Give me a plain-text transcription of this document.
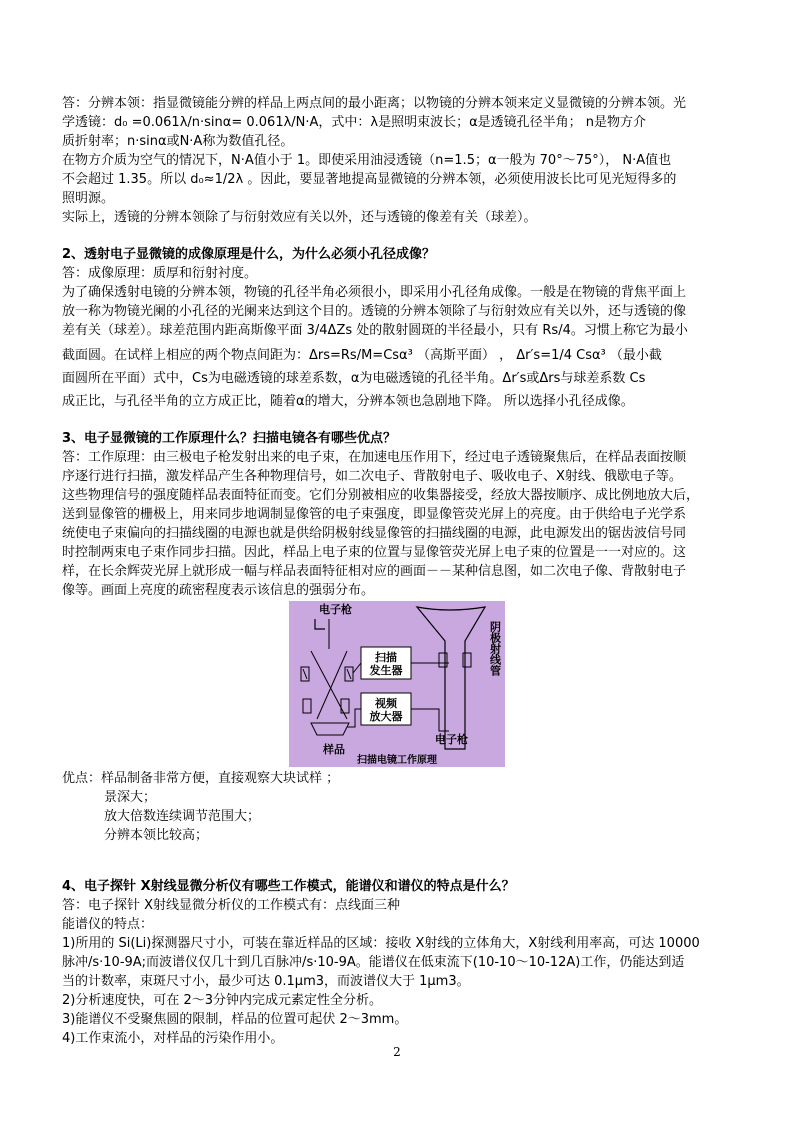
答：分辨本领：指显微镜能分辨的样品上两点间的最小距离；以物镜的分辨本领来定义显微镜的分辨本领。光

学透镜：d₀ =0.061λ/n·sinα= 0.061λ/N·A，式中：λ是照明束波长；α是透镜孔径半角； n是物方介

质折射率；n·sinα或N·A称为数值孔径。

在物方介质为空气的情况下，N·A值小于 1。即使采用油浸透镜（n=1.5；α一般为 70°～75°）， N·A值也

不会超过 1.35。所以 d₀≈1/2λ 。因此，要显著地提高显微镜的分辨本领，必须使用波长比可见光短得多的

照明源。

实际上，透镜的分辨本领除了与衍射效应有关以外，还与透镜的像差有关（球差）。

2、透射电子显微镜的成像原理是什么，为什么必须小孔径成像？

答：成像原理：质厚和衍射衬度。

为了确保透射电镜的分辨本领，物镜的孔径半角必须很小，即采用小孔径角成像。一般是在物镜的背焦平面上

放一称为物镜光阑的小孔径的光阑来达到这个目的。透镜的分辨本领除了与衍射效应有关以外，还与透镜的像

差有关（球差）。球差范围内距高斯像平面 3/4ΔZs 处的散射圆斑的半径最小，只有 Rs/4。习惯上称它为最小

截面圆。在试样上相应的两个物点间距为：Δrs=Rs/M=Csα³ （高斯平面） ， Δr′s=1/4 Csα³ （最小截

面圆所在平面）式中，Cs为电磁透镜的球差系数，α为电磁透镜的孔径半角。Δr′s或Δrs与球差系数 Cs

成正比，与孔径半角的立方成正比，随着α的增大，分辨本领也急剧地下降。 所以选择小孔径成像。

3、电子显微镜的工作原理什么？扫描电镜各有哪些优点？

答：工作原理：由三极电子枪发射出来的电子束，在加速电压作用下，经过电子透镜聚焦后，在样品表面按顺

序逐行进行扫描，激发样品产生各种物理信号，如二次电子、背散射电子、吸收电子、X射线、俄歇电子等。

这些物理信号的强度随样品表面特征而变。它们分别被相应的收集器接受，经放大器按顺序、成比例地放大后，

送到显像管的栅极上，用来同步地调制显像管的电子束强度，即显像管荧光屏上的亮度。由于供给电子光学系

统使电子束偏向的扫描线圈的电源也就是供给阴极射线显像管的扫描线圈的电源，此电源发出的锯齿波信号同

时控制两束电子束作同步扫描。因此，样品上电子束的位置与显像管荧光屏上电子束的位置是一一对应的。这

样，在长余辉荧光屏上就形成一幅与样品表面特征相对应的画面－－某种信息图，如二次电子像、背散射电子

像等。画面上亮度的疏密程度表示该信息的强弱分布。

电子枪
样品
扫描
发生器
视频
放大器
电子枪
阴极射线管
扫描电镜工作原理

优点：样品制备非常方便，直接观察大块试样 ；

景深大；

放大倍数连续调节范围大；

分辨本领比较高；

4、电子探针 X射线显微分析仪有哪些工作模式，能谱仪和谱仪的特点是什么？

答：电子探针 X射线显微分析仪的工作模式有：点线面三种

能谱仪的特点：

1)所用的 Si(Li)探测器尺寸小，可装在靠近样品的区域：接收 X射线的立体角大，X射线利用率高，可达 10000

脉冲/s·10-9A;而波谱仪仅几十到几百脉冲/s·10-9A。能谱仪在低束流下(10-10～10-12A)工作，仍能达到适

当的计数率，束斑尺寸小，最少可达 0.1μm3，而波谱仪大于 1μm3。

2)分析速度快，可在 2～3分钟内完成元素定性全分析。

3)能谱仪不受聚焦圆的限制，样品的位置可起伏 2～3mm。

4)工作束流小，对样品的污染作用小。

2
